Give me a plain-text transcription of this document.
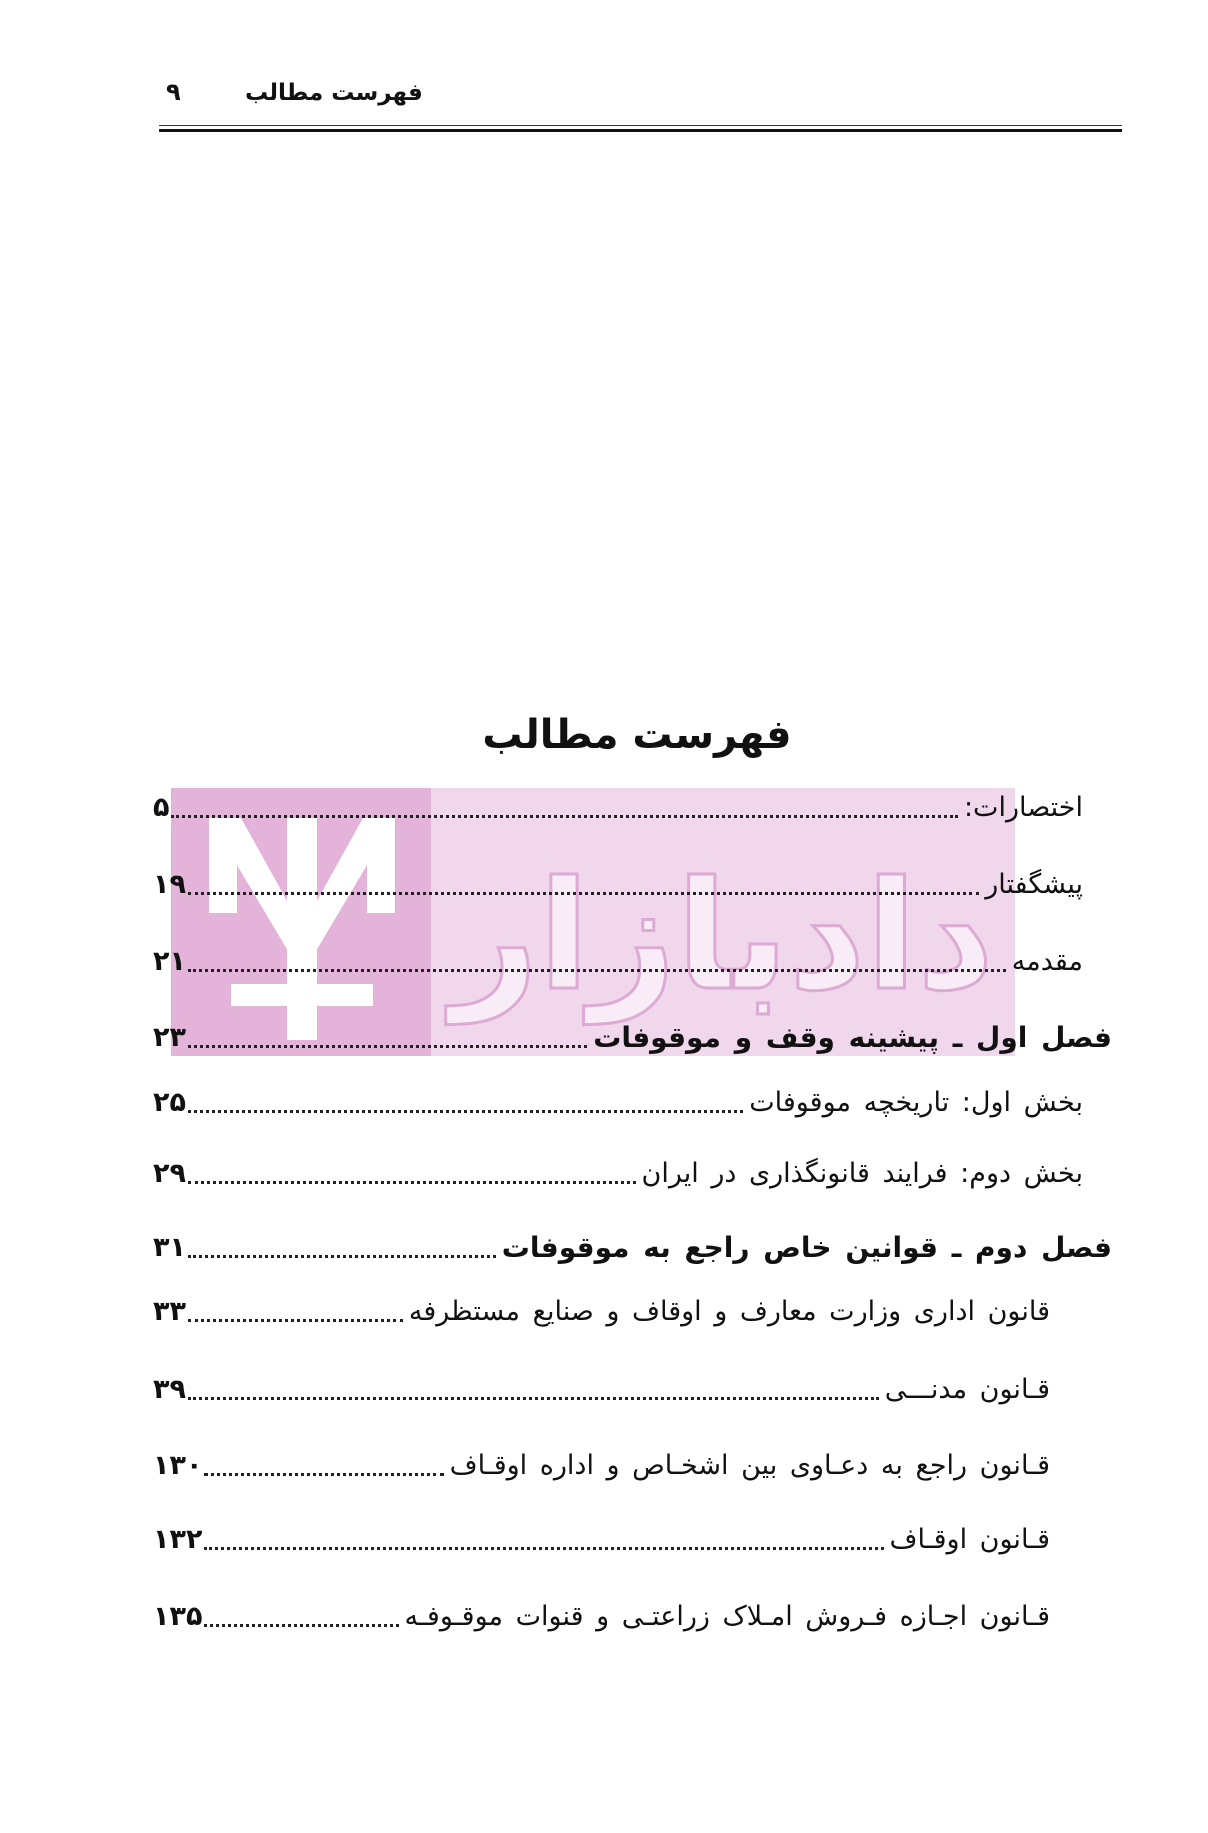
فهرست مطالب
۹
دادبازار
فهرست مطالب
اختصارات:
۵
پیشگفتار
۱۹
مقدمه
۲۱
فصل اول ـ پیشینه وقف و موقوفات
۲۳
بخش اول: تاریخچه موقوفات
۲۵
بخش دوم: فرایند قانونگذاری در ایران
۲۹
فصل دوم ـ قوانین خاص راجع به موقوفات
۳۱
قانون اداری وزارت معارف و اوقاف و صنایع مستظرفه
۳۳
قـانون مدنـــی
۳۹
قـانون راجع به دعـاوی بین اشخـاص و اداره اوقـاف
۱۳۰
قـانون اوقـاف
۱۳۲
قـانون اجـازه فـروش امـلاک زراعتـی و قنوات موقـوفـه
۱۳۵
